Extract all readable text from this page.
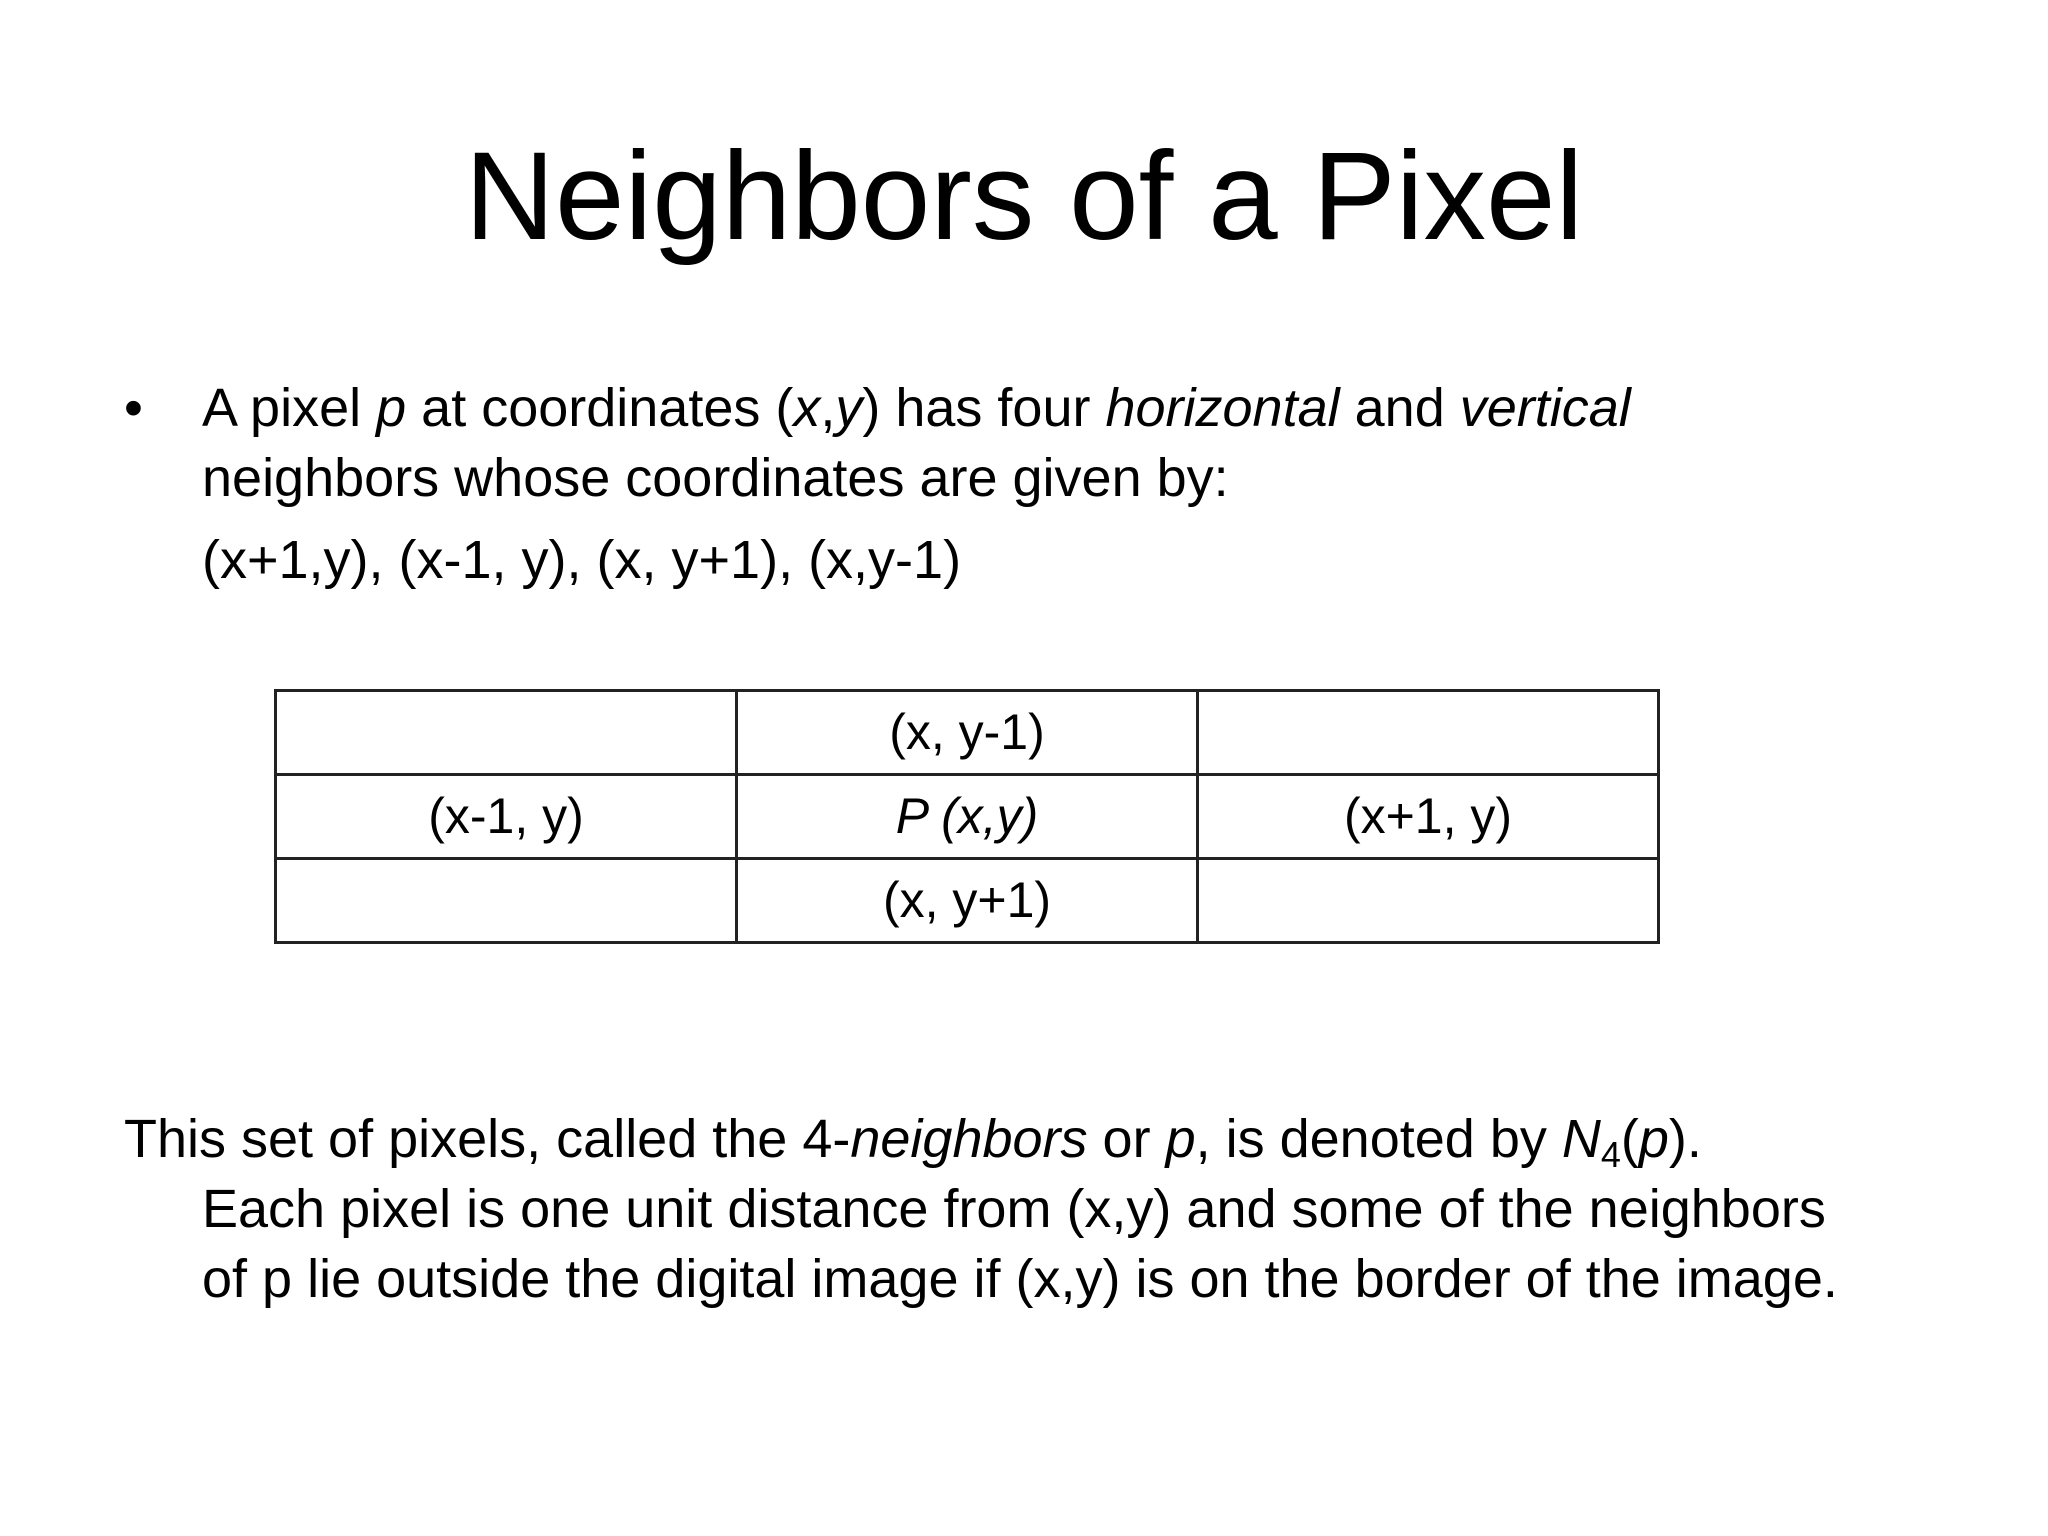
Neighbors of a Pixel
•	A pixel p at coordinates (x,y) has four horizontal and vertical
neighbors whose coordinates are given by:
(x+1,y), (x-1, y), (x, y+1), (x,y-1)
	(x, y-1)	
(x-1, y)	P (x,y)	(x+1, y)
	(x, y+1)	
This set of pixels, called the 4-neighbors or p, is denoted by $N_4(p)$.
Each pixel is one unit distance from (x,y) and some of the neighbors
of p lie outside the digital image if (x,y) is on the border of the image.
